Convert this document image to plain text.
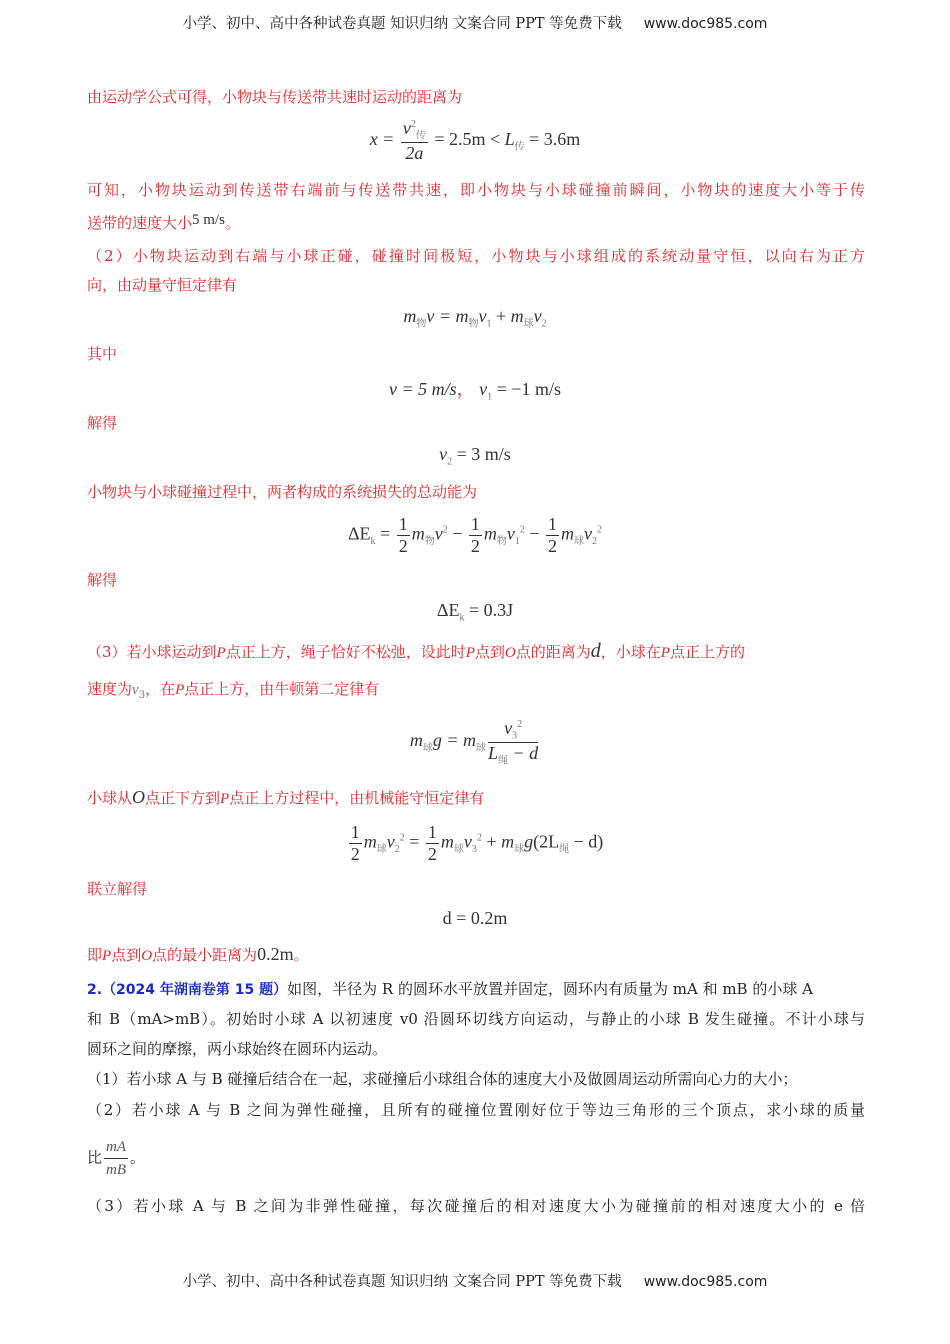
小学、初中、高中各种试卷真题 知识归纳 文案合同 PPT 等免费下载 www.doc985.com
由运动学公式可得，小物块与传送带共速时运动的距离为
$x = \frac{v^2_传}{2a} = 2.5m < L_传 = 3.6m$
可知，小物块运动到传送带右端前与传送带共速，即小物块与小球碰撞前瞬间，小物块的速度大小等于传
送带的速度大小5 m/s。
（2）小物块运动到右端与小球正碰，碰撞时间极短，小物块与小球组成的系统动量守恒，以向右为正方
向，由动量守恒定律有
$m_物v = m_物v_1 + m_球v_2$
其中
v = 5 m/s， $v_1 = -1$ m/s
解得
$v_2 = 3$ m/s
小物块与小球碰撞过程中，两者构成的系统损失的总动能为
$\Delta E_k = \frac{1}{2} m_物v^2 - \frac{1}{2} m_物v_1^2 - \frac{1}{2} m_球v_2^2$
解得
$\Delta E_k = 0.3J$
（3）若小球运动到P点正上方，绳子恰好不松弛，设此时P点到O点的距离为d，小球在P点正上方的
速度为$v_3$，在P点正上方，由牛顿第二定律有
$m_球g = m_球 \frac{v_3^2}{L_绳 - d}$
小球从O点正下方到P点正上方过程中，由机械能守恒定律有
$\frac{1}{2} m_球v_2^2 = \frac{1}{2} m_球v_3^2 + m_球g(2L_绳 - d)$
联立解得
d = 0.2m
即P点到O点的最小距离为0.2m。
2.（2024 年湖南卷第 15 题）如图，半径为 R 的圆环水平放置并固定，圆环内有质量为 mA 和 mB 的小球 A
和 B（mA>mB）。初始时小球 A 以初速度 v0 沿圆环切线方向运动，与静止的小球 B 发生碰撞。不计小球与
圆环之间的摩擦，两小球始终在圆环内运动。
（1）若小球 A 与 B 碰撞后结合在一起，求碰撞后小球组合体的速度大小及做圆周运动所需向心力的大小；
（2）若小球 A 与 B 之间为弹性碰撞，且所有的碰撞位置刚好位于等边三角形的三个顶点，求小球的质量
比 $\frac{mA}{mB}$ 。
（3）若小球 A 与 B 之间为非弹性碰撞，每次碰撞后的相对速度大小为碰撞前的相对速度大小的 e 倍
小学、初中、高中各种试卷真题 知识归纳 文案合同 PPT 等免费下载 www.doc985.com
